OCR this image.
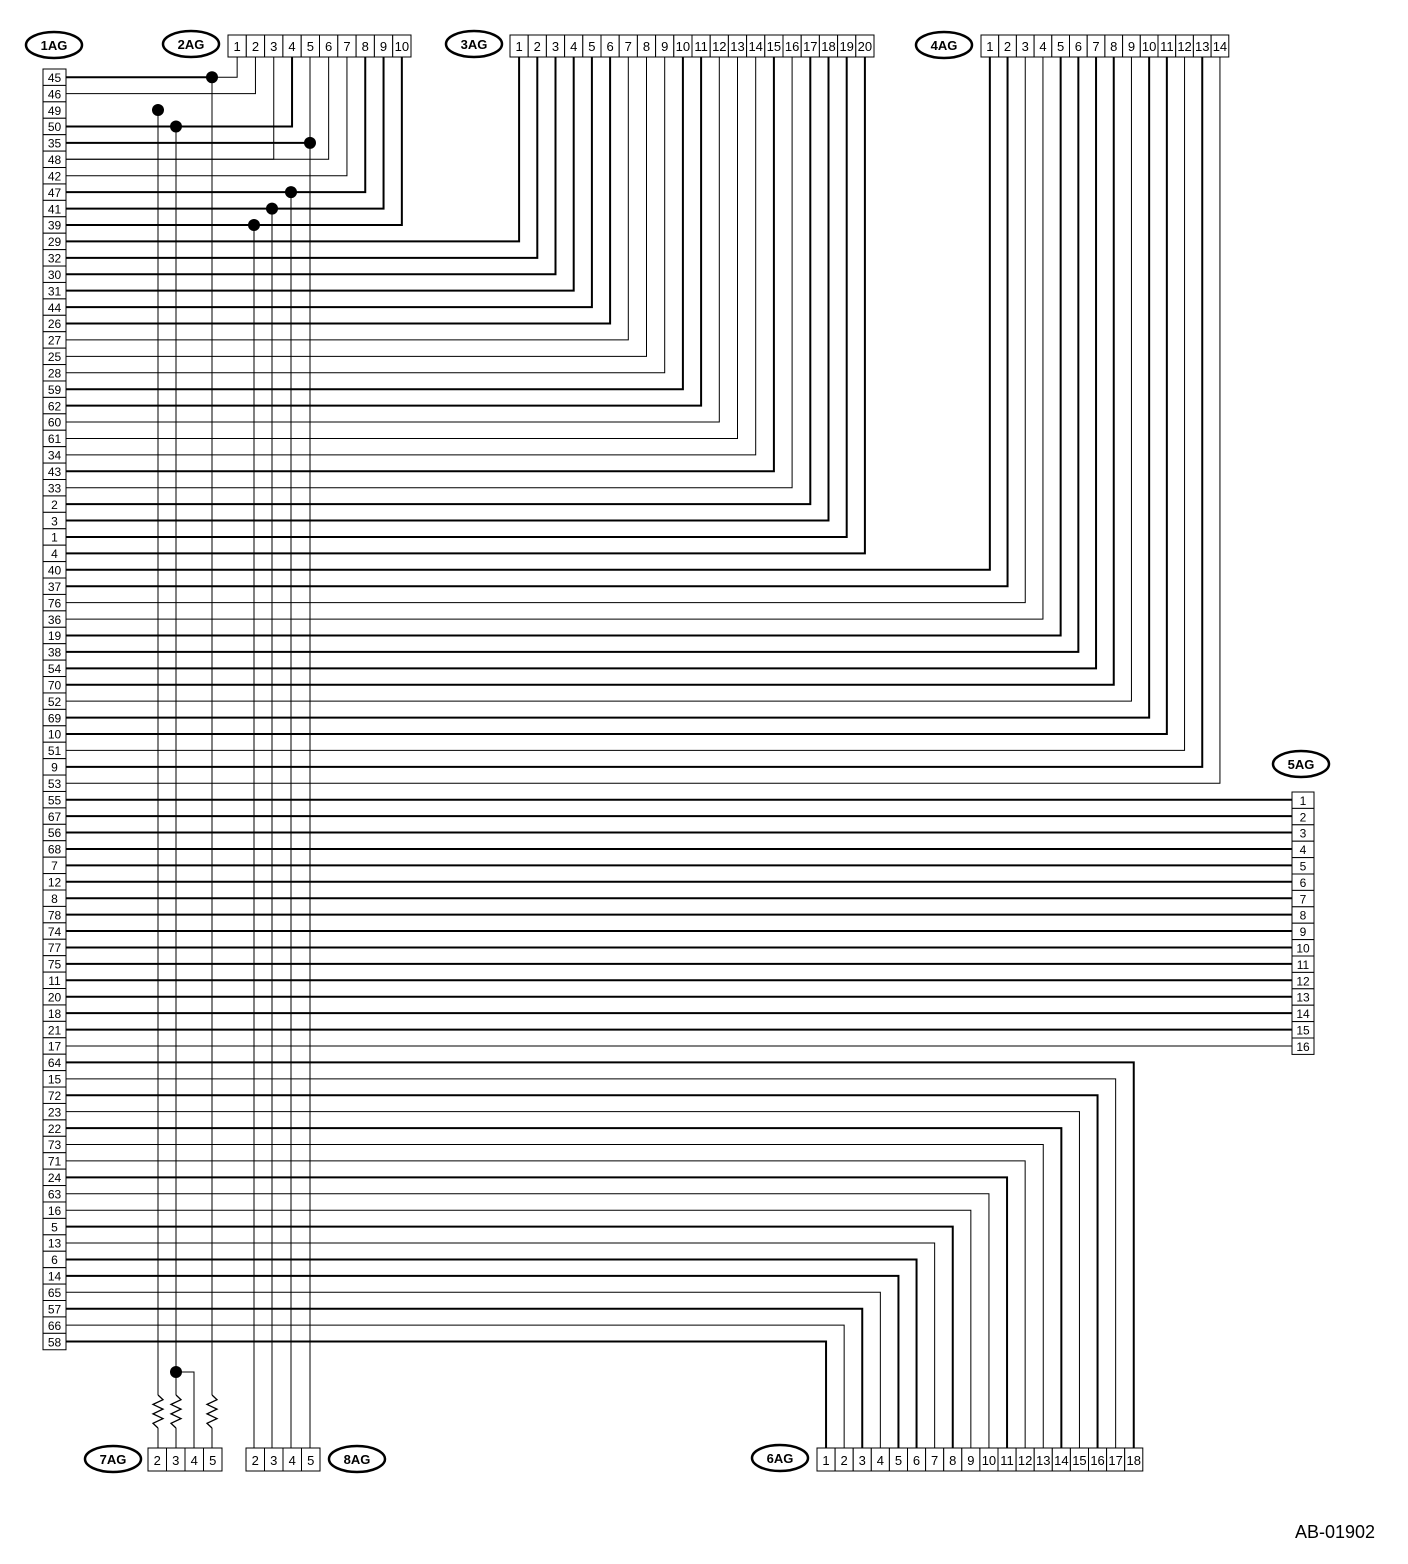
45
46
49
50
35
48
42
47
41
39
29
32
30
31
44
26
27
25
28
59
62
60
61
34
43
33
2
3
1
4
40
37
76
36
19
38
54
70
52
69
10
51
9
53
55
67
56
68
7
12
8
78
74
77
75
11
20
18
21
17
64
15
72
23
22
73
71
24
63
16
5
13
6
14
65
57
66
58
1 2 3 4 5 6 7 8 9 10	1 2 3 4 5 6 7 8 9 10 11 12 13 14 15 16 17 18 19 20	1 2 3 4 5 6 7 8 9 10 11 12 13 14
2 3 4 5	2 3 4 5	1 2 3 4 5 6 7 8 9 10 11 12 13 14 15 16 17 18
1
2
3
4
5
6
7
8
9
10
11
12
13
14
15
16
1AG	2AG	3AG	4AG
5AG
7AG	8AG	6AG
AB-01902
